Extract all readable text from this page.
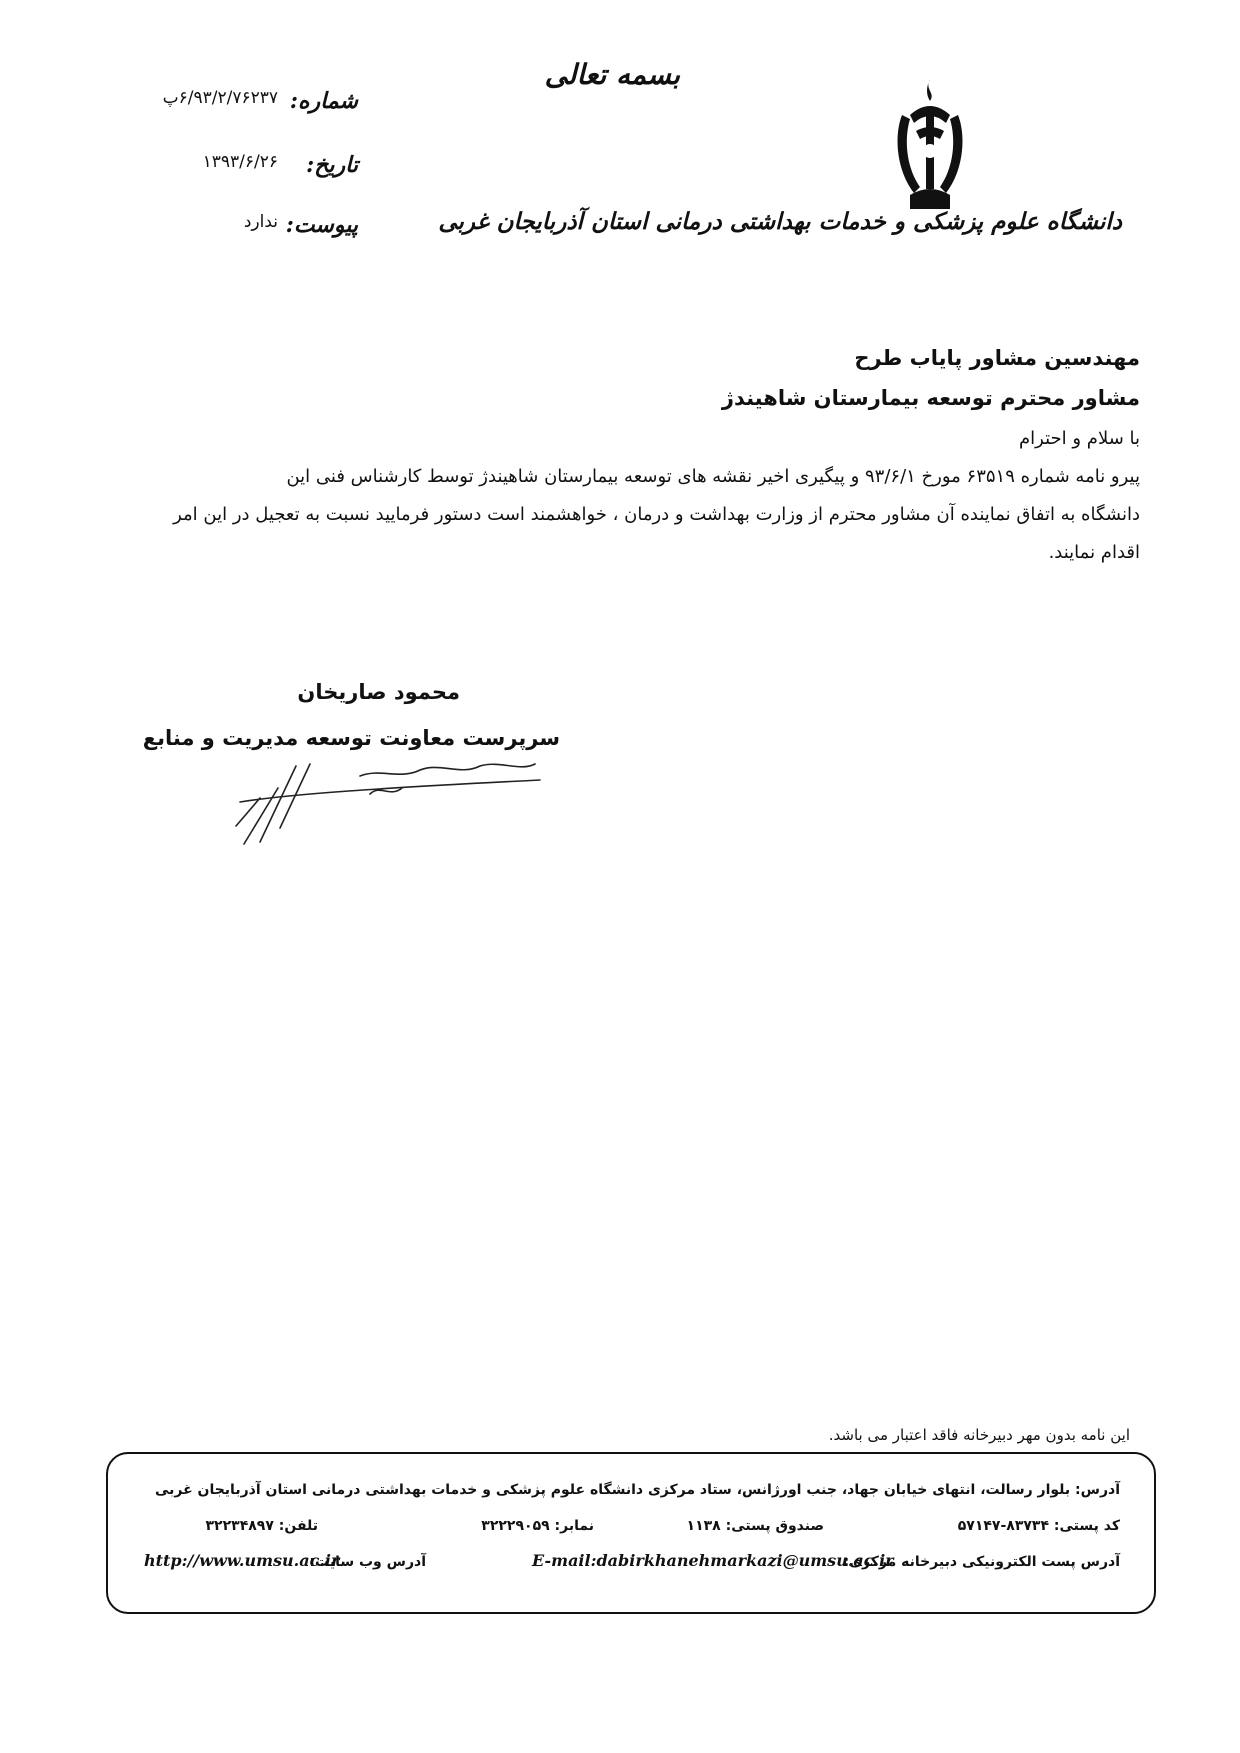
بسمه تعالی
دانشگاه علوم پزشکی و خدمات بهداشتی درمانی استان آذربایجان غربی
شماره:
۶/۹۳/۲/۷۶۲۳۷پ
تاریخ:
۱۳۹۳/۶/۲۶
پیوست:
ندارد
مهندسین مشاور پایاب طرح
مشاور محترم توسعه بیمارستان شاهیندژ
با سلام و احترام
پیرو نامه شماره ۶۳۵۱۹ مورخ ۹۳/۶/۱ و پیگیری اخیر نقشه های توسعه بیمارستان شاهیندژ توسط کارشناس فنی این
دانشگاه به اتفاق نماینده آن مشاور محترم از وزارت بهداشت و درمان ، خواهشمند است دستور فرمایید نسبت به تعجیل در این امر
اقدام نمایند.
محمود صاریخان
سرپرست معاونت توسعه مدیریت و منابع
این نامه بدون مهر دبیرخانه فاقد اعتبار می باشد.
آدرس: بلوار رسالت، انتهای خیابان جهاد، جنب اورژانس، ستاد مرکزی دانشگاه علوم پزشکی و خدمات بهداشتی درمانی استان آذربایجان غربی
کد پستی: ۸۳۷۳۴-۵۷۱۴۷
صندوق پستی: ۱۱۳۸
نمابر: ۳۲۲۲۹۰۵۹
تلفن: ۳۲۲۳۴۸۹۷
آدرس پست الکترونیکی دبیرخانه مرکزی:
E-mail:dabirkhanehmarkazi@umsu.ac.ir
آدرس وب سایت:
http://www.umsu.ac.ir
